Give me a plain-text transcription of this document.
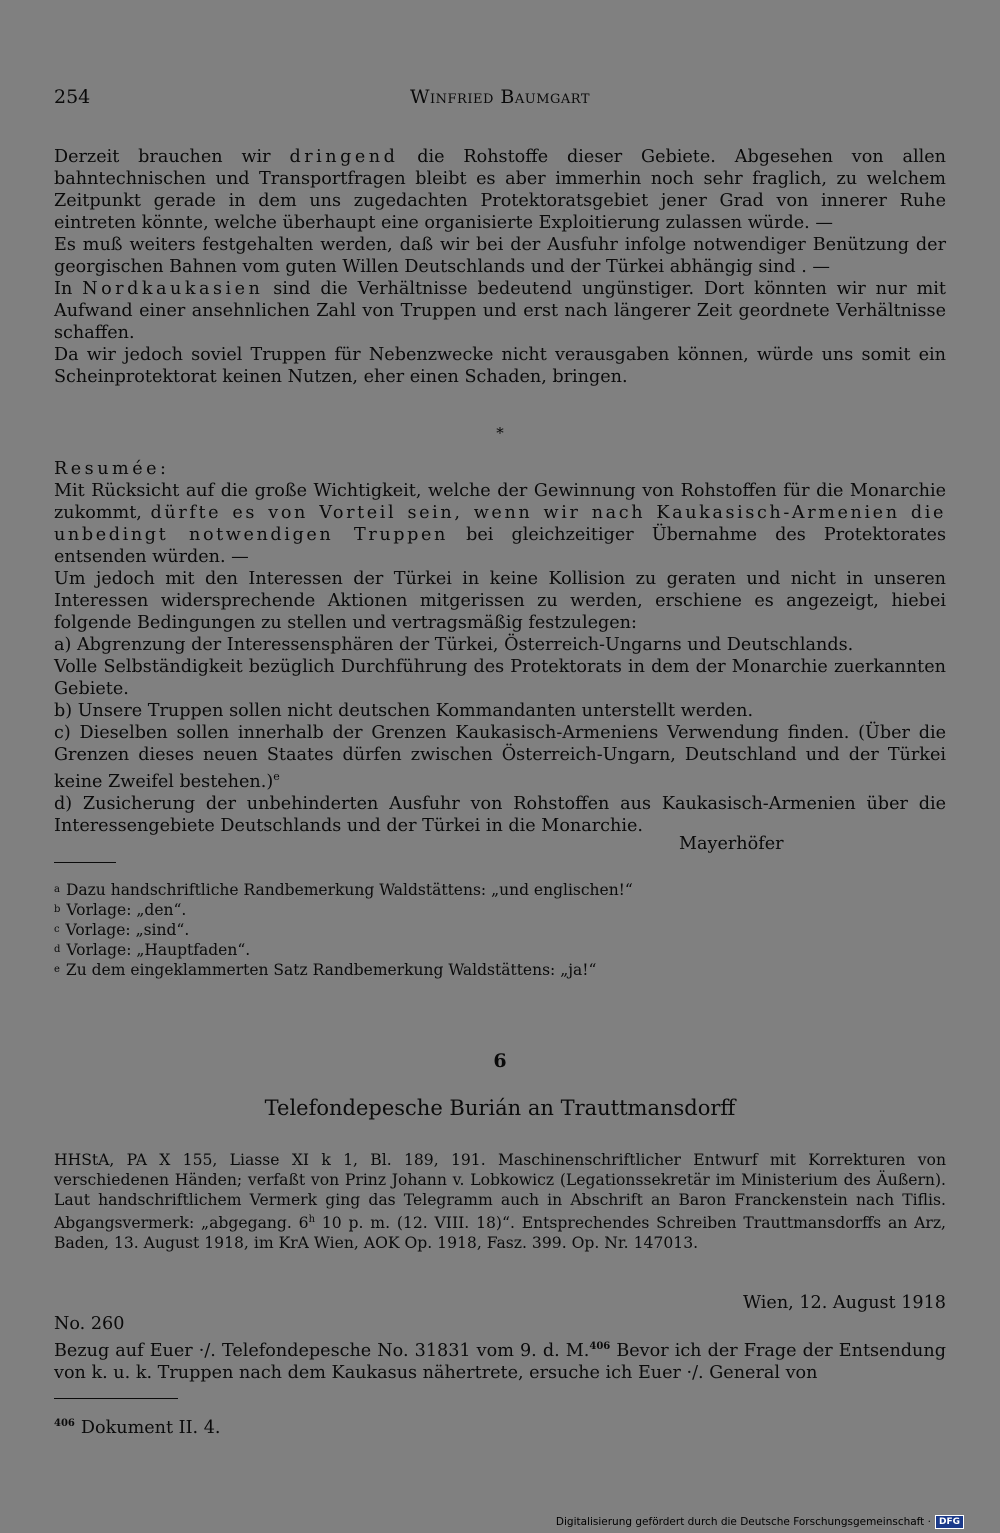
254	Winfried Baumgart

Derzeit brauchen wir dringend die Rohstoffe dieser Gebiete. Abgesehen von allen bahntechnischen und Transportfragen bleibt es aber immerhin noch sehr fraglich, zu welchem Zeitpunkt gerade in dem uns zugedachten Protektoratsgebiet jener Grad von innerer Ruhe eintreten könnte, welche überhaupt eine organisierte Exploitierung zulassen würde. —

Es muß weiters festgehalten werden, daß wir bei der Ausfuhr infolge notwendiger Benützung der georgischen Bahnen vom guten Willen Deutschlands und der Türkei abhängig sind . —

In Nordkaukasien sind die Verhältnisse bedeutend ungünstiger. Dort könnten wir nur mit Aufwand einer ansehnlichen Zahl von Truppen und erst nach längerer Zeit geordnete Verhältnisse schaffen.

Da wir jedoch soviel Truppen für Nebenzwecke nicht verausgaben können, würde uns somit ein Scheinprotektorat keinen Nutzen, eher einen Schaden, bringen.

*

Resumée:

Mit Rücksicht auf die große Wichtigkeit, welche der Gewinnung von Rohstoffen für die Monarchie zukommt, dürfte es von Vorteil sein, wenn wir nach Kaukasisch-Armenien die unbedingt notwendigen Truppen bei gleichzeitiger Übernahme des Protektorates entsenden würden. —

Um jedoch mit den Interessen der Türkei in keine Kollision zu geraten und nicht in unseren Interessen widersprechende Aktionen mitgerissen zu werden, erschiene es angezeigt, hiebei folgende Bedingungen zu stellen und vertragsmäßig festzulegen:

a) Abgrenzung der Interessensphären der Türkei, Österreich-Ungarns und Deutschlands.

Volle Selbständigkeit bezüglich Durchführung des Protektorats in dem der Monarchie zuerkannten Gebiete.

b) Unsere Truppen sollen nicht deutschen Kommandanten unterstellt werden.

c) Dieselben sollen innerhalb der Grenzen Kaukasisch-Armeniens Verwendung finden. (Über die Grenzen dieses neuen Staates dürfen zwischen Österreich-Ungarn, Deutschland und der Türkei keine Zweifel bestehen.)$^e$

d) Zusicherung der unbehinderten Ausfuhr von Rohstoffen aus Kaukasisch-Armenien über die Interessengebiete Deutschlands und der Türkei in die Monarchie.

Mayerhöfer
$^a$ Dazu handschriftliche Randbemerkung Waldstättens: „und englischen!“
$^b$ Vorlage: „den“.
$^c$ Vorlage: „sind“.
$^d$ Vorlage: „Hauptfaden“.
$^e$ Zu dem eingeklammerten Satz Randbemerkung Waldstättens: „ja!“
6
Telefondepesche Burián an Trauttmansdorff
HHStA, PA X 155, Liasse XI k 1, Bl. 189, 191. Maschinenschriftlicher Entwurf mit Korrekturen von verschiedenen Händen; verfaßt von Prinz Johann v. Lobkowicz (Legationssekretär im Ministerium des Äußern). Laut handschriftlichem Vermerk ging das Telegramm auch in Abschrift an Baron Franckenstein nach Tiflis. Abgangsvermerk: „abgegang. 6$^h$ 10 p. m. (12. VIII. 18)“. Entsprechendes Schreiben Trauttmansdorffs an Arz, Baden, 13. August 1918, im KrA Wien, AOK Op. 1918, Fasz. 399. Op. Nr. 147013.
Wien, 12. August 1918
No. 260
Bezug auf Euer ·/. Telefondepesche No. 31831 vom 9. d. M.$^{406}$ Bevor ich der Frage der Entsendung von k. u. k. Truppen nach dem Kaukasus nähertrete, ersuche ich Euer ·/. General von
$^{406}$ Dokument II. 4.
Digitalisierung gefördert durch die Deutsche Forschungsgemeinschaft · DFG
